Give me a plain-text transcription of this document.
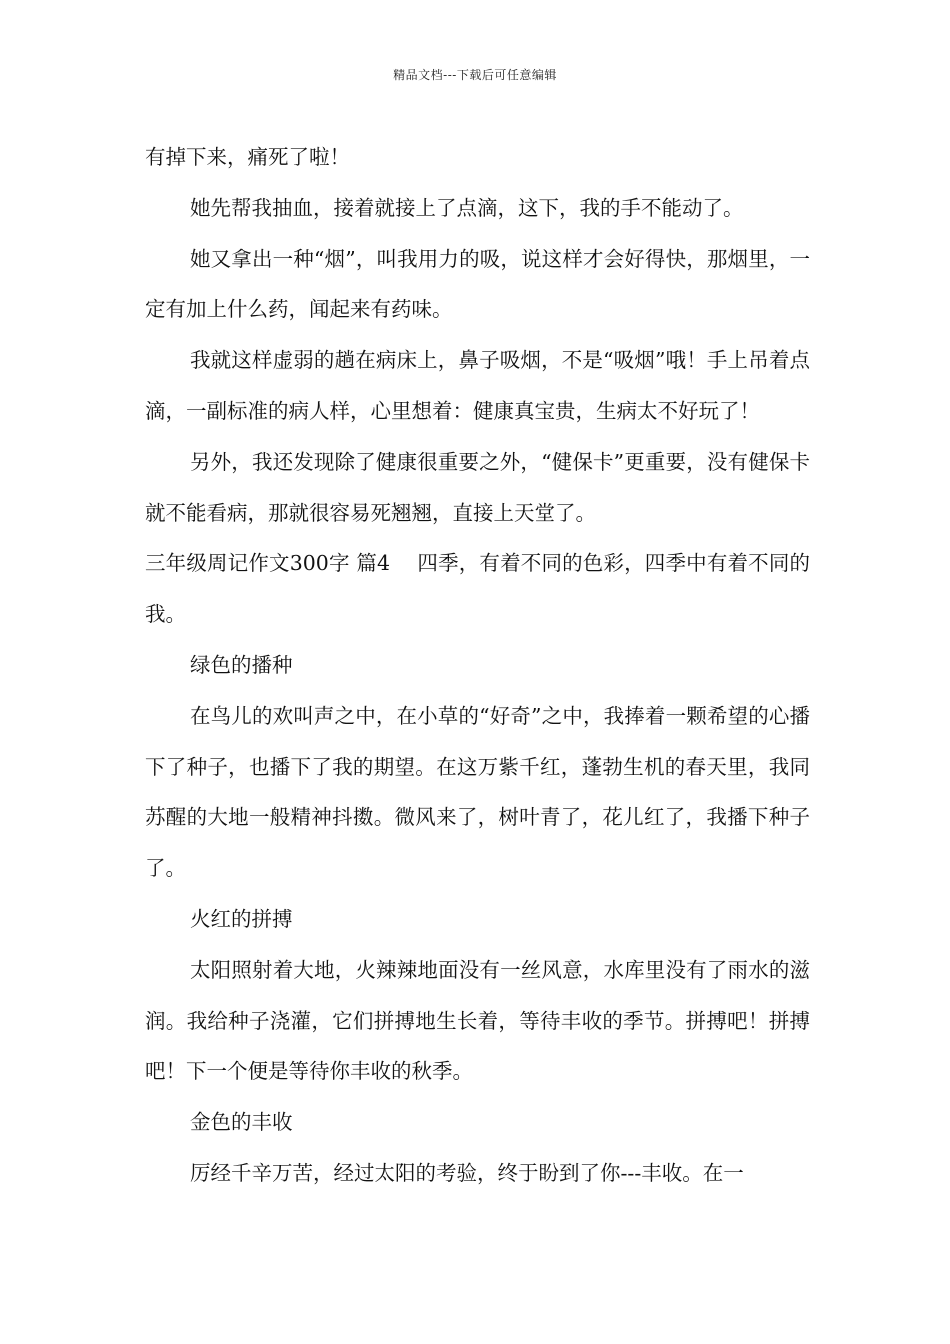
精品文档---下载后可任意编辑

有掉下来，痛死了啦！

她先帮我抽血，接着就接上了点滴，这下，我的手不能动了。

她又拿出一种“烟”，叫我用力的吸，说这样才会好得快，那烟里，一定有加上什么药，闻起来有药味。

我就这样虚弱的趟在病床上，鼻子吸烟，不是“吸烟”哦！手上吊着点滴，一副标准的病人样，心里想着：健康真宝贵，生病太不好玩了！

另外，我还发现除了健康很重要之外，“健保卡”更重要，没有健保卡就不能看病，那就很容易死翘翘，直接上天堂了。

三年级周记作文300字 篇4 　四季，有着不同的色彩，四季中有着不同的我。

绿色的播种

在鸟儿的欢叫声之中，在小草的“好奇”之中，我捧着一颗希望的心播下了种子，也播下了我的期望。在这万紫千红，蓬勃生机的春天里，我同苏醒的大地一般精神抖擞。微风来了，树叶青了，花儿红了，我播下种子了。

火红的拼搏

太阳照射着大地，火辣辣地面没有一丝风意，水库里没有了雨水的滋润。我给种子浇灌，它们拼搏地生长着，等待丰收的季节。拼搏吧！拼搏吧！下一个便是等待你丰收的秋季。

金色的丰收

厉经千辛万苦，经过太阳的考验，终于盼到了你---丰收。在一
